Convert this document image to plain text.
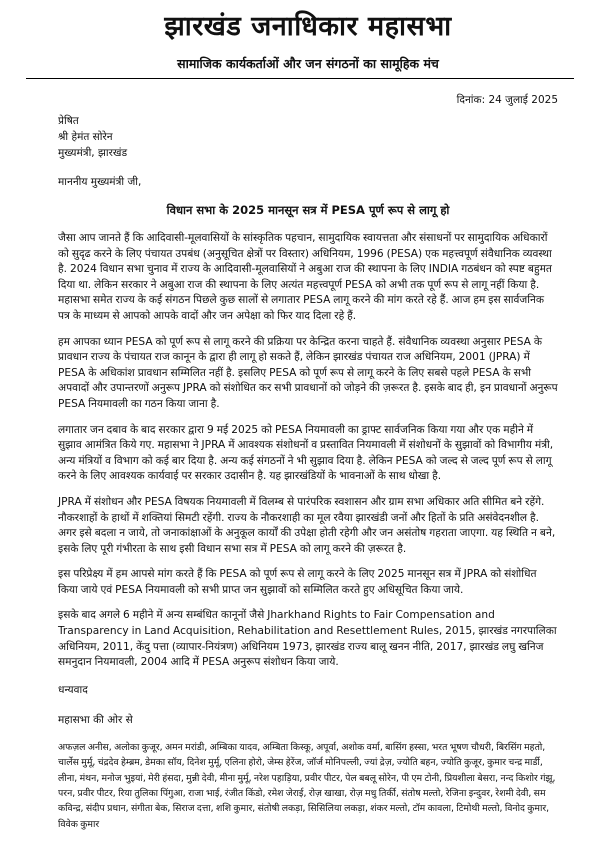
झारखंड जनाधिकार महासभा
सामाजिक कार्यकर्ताओं और जन संगठनों का सामूहिक मंच
दिनांक: 24 जुलाई 2025
प्रेषित
श्री हेमंत सोरेन
मुख्यमंत्री, झारखंड
माननीय मुख्यमंत्री जी,
विधान सभा के 2025 मानसून सत्र में PESA पूर्ण रूप से लागू हो

जैसा आप जानते हैं कि आदिवासी-मूलवासियों के सांस्कृतिक पहचान, सामुदायिक स्वायत्तता और संसाधनों पर सामुदायिक अधिकारों को सुदृढ करने के लिए पंचायत उपबंध (अनुसूचित क्षेत्रों पर विस्तार) अधिनियम, 1996 (PESA) एक महत्त्वपूर्ण संवैधानिक व्यवस्था है. 2024 विधान सभा चुनाव में राज्य के आदिवासी-मूलवासियों ने अबुआ राज की स्थापना के लिए INDIA गठबंधन को स्पष्ट बहुमत दिया था. लेकिन सरकार ने अबुआ राज की स्थापना के लिए अत्यंत महत्त्वपूर्ण PESA को अभी तक पूर्ण रूप से लागू नहीं किया है. महासभा समेत राज्य के कई संगठन पिछले कुछ सालों से लगातार PESA लागू करने की मांग करते रहे हैं. आज हम इस सार्वजनिक पत्र के माध्यम से आपको आपके वादों और जन अपेक्षा को फिर याद दिला रहे हैं.

हम आपका ध्यान PESA को पूर्ण रूप से लागू करने की प्रक्रिया पर केन्द्रित करना चाहते हैं. संवैधानिक व्यवस्था अनुसार PESA के प्रावधान राज्य के पंचायत राज कानून के द्वारा ही लागू हो सकते हैं, लेकिन झारखंड पंचायत राज अधिनियम, 2001 (JPRA) में PESA के अधिकांश प्रावधान सम्मिलित नहीं है. इसलिए PESA को पूर्ण रूप से लागू करने के लिए सबसे पहले PESA के सभी अपवादों और उपान्तरणों अनुरूप JPRA को संशोधित कर सभी प्रावधानों को जोड़ने की ज़रूरत है. इसके बाद ही, इन प्रावधानों अनुरूप PESA नियमावली का गठन किया जाना है.

लगातार जन दबाव के बाद सरकार द्वारा 9 मई 2025 को PESA नियमावली का ड्राफ्ट सार्वजनिक किया गया और एक महीने में सुझाव आमंत्रित किये गए. महासभा ने JPRA में आवश्यक संशोधनों व प्रस्तावित नियमावली में संशोधनों के सुझावों को विभागीय मंत्री, अन्य मंत्रियों व विभाग को कई बार दिया है. अन्य कई संगठनों ने भी सुझाव दिया है. लेकिन PESA को जल्द से जल्द पूर्ण रूप से लागू करने के लिए आवश्यक कार्यवाई पर सरकार उदासीन है. यह झारखंडियों के भावनाओं के साथ धोखा है.

JPRA में संशोधन और PESA विषयक नियमावली में विलम्ब से पारंपरिक स्वशासन और ग्राम सभा अधिकार अति सीमित बने रहेंगे. नौकरशाहों के हाथों में शक्तियां सिमटी रहेंगी. राज्य के नौकरशाही का मूल रवैया झारखंडी जनों और हितों के प्रति असंवेदनशील है. अगर इसे बदला न जाये, तो जनाकांक्षाओं के अनुकूल कार्यों की उपेक्षा होती रहेगी और जन असंतोष गहराता जाएगा. यह स्थिति न बने, इसके लिए पूरी गंभीरता के साथ इसी विधान सभा सत्र में PESA को लागू करने की ज़रूरत है.

इस परिप्रेक्ष्य में हम आपसे मांग करते हैं कि PESA को पूर्ण रूप से लागू करने के लिए 2025 मानसून सत्र में JPRA को संशोधित किया जाये एवं PESA नियमावली को सभी प्राप्त जन सुझावों को सम्मिलित करते हुए अधिसूचित किया जाये.

इसके बाद अगले 6 महीने में अन्य सम्बंधित कानूनों जैसे Jharkhand Rights to Fair Compensation and Transparency in Land Acquisition, Rehabilitation and Resettlement Rules, 2015, झारखंड नगरपालिका अधिनियम, 2011, केंदु पत्ता (व्यापार-नियंत्रण) अधिनियम 1973, झारखंड राज्य बालू खनन नीति, 2017, झारखंड लघु खनिज समनुदान नियमावली, 2004 आदि में PESA अनुरूप संशोधन किया जाये.

धन्यवाद
महासभा की ओर से
अफज़ल अनीस, अलोका कुजूर, अमन मरांडी, अम्बिका यादव, अम्बिता किस्कू, अपूर्वा, अशोक वर्मा, बासिंग हस्सा, भरत भूषण चौधरी, बिरसिंग महतो, चार्लेस मुर्मू, चंद्रदेव हेम्ब्रम, डेमका सॉय, दिनेश मुर्मू, एलिना होरो, जेम्स हेरेंज, जॉर्ज मोनिपल्ली, ज्यां द्रेज़, ज्योति बहन, ज्योति कुजूर, कुमार चन्द्र मार्डी, लीना, मंथन, मनोज भुइयां, मेरी हंसदा, मुन्नी देवी, मीना मुर्मू, नरेश पहाड़िया, प्रवीर पीटर, पेल बबलू सोरेन, पी एम टोनी, प्रियशीला बेसरा, नन्द किशोर गंझू, परन, प्रवीर पीटर, रिया तुलिका पिंगुआ, राजा भाई, रंजीत किंडो, रमेश जेराई, रोज़ खाखा, रोज़ मधु तिर्की, संतोष मल्तो, रेजिना इन्दुवर, रेशमी देवी, सम कविन्द्र, संदीप प्रधान, संगीता बेक, सिराज दत्ता, शशि कुमार, संतोषी लकड़ा, सिसिलिया लकड़ा, शंकर मल्तो, टॉम कावला, टिमोथी मल्तो, विनोद कुमार, विवेक कुमार
